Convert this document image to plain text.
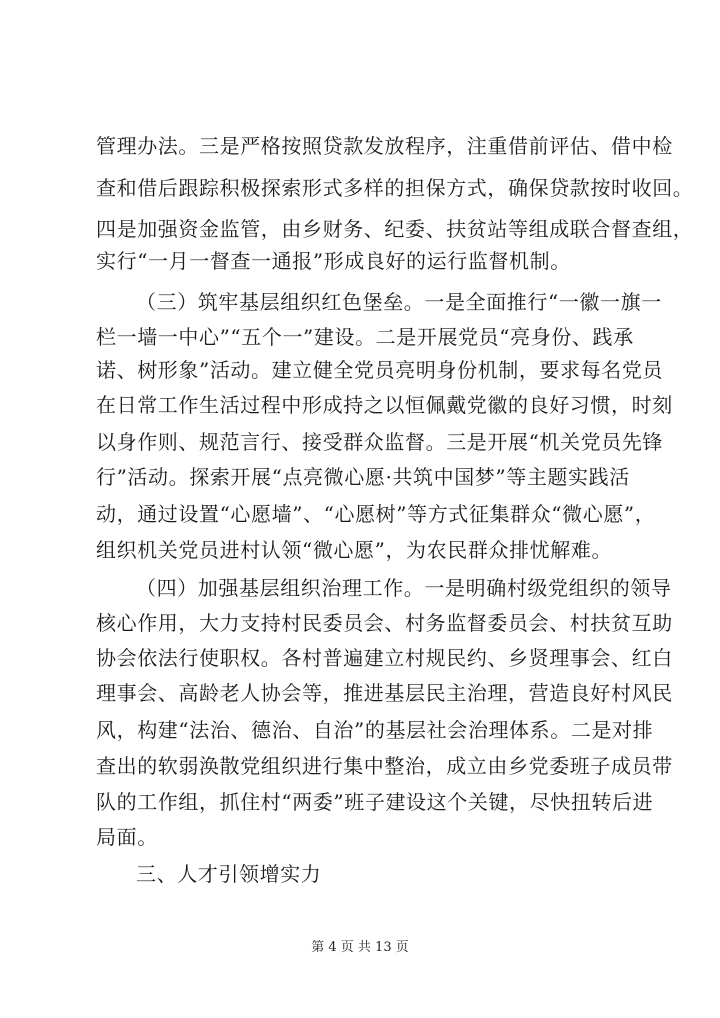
管理办法。三是严格按照贷款发放程序，注重借前评估、借中检
查和借后跟踪积极探索形式多样的担保方式，确保贷款按时收回。
四是加强资金监管，由乡财务、纪委、扶贫站等组成联合督查组，
实行“一月一督查一通报”形成良好的运行监督机制。
（三）筑牢基层组织红色堡垒。一是全面推行“一徽一旗一
栏一墙一中心”“五个一”建设。二是开展党员“亮身份、践承
诺、树形象”活动。建立健全党员亮明身份机制，要求每名党员
在日常工作生活过程中形成持之以恒佩戴党徽的良好习惯，时刻
以身作则、规范言行、接受群众监督。三是开展“机关党员先锋
行”活动。探索开展“点亮微心愿·共筑中国梦”等主题实践活
动，通过设置“心愿墙”、“心愿树”等方式征集群众“微心愿”，
组织机关党员进村认领“微心愿”，为农民群众排忧解难。
（四）加强基层组织治理工作。一是明确村级党组织的领导
核心作用，大力支持村民委员会、村务监督委员会、村扶贫互助
协会依法行使职权。各村普遍建立村规民约、乡贤理事会、红白
理事会、高龄老人协会等，推进基层民主治理，营造良好村风民
风，构建“法治、德治、自治”的基层社会治理体系。二是对排
查出的软弱涣散党组织进行集中整治，成立由乡党委班子成员带
队的工作组，抓住村“两委”班子建设这个关键，尽快扭转后进
局面。
三、人才引领增实力
第 4 页 共 13 页
